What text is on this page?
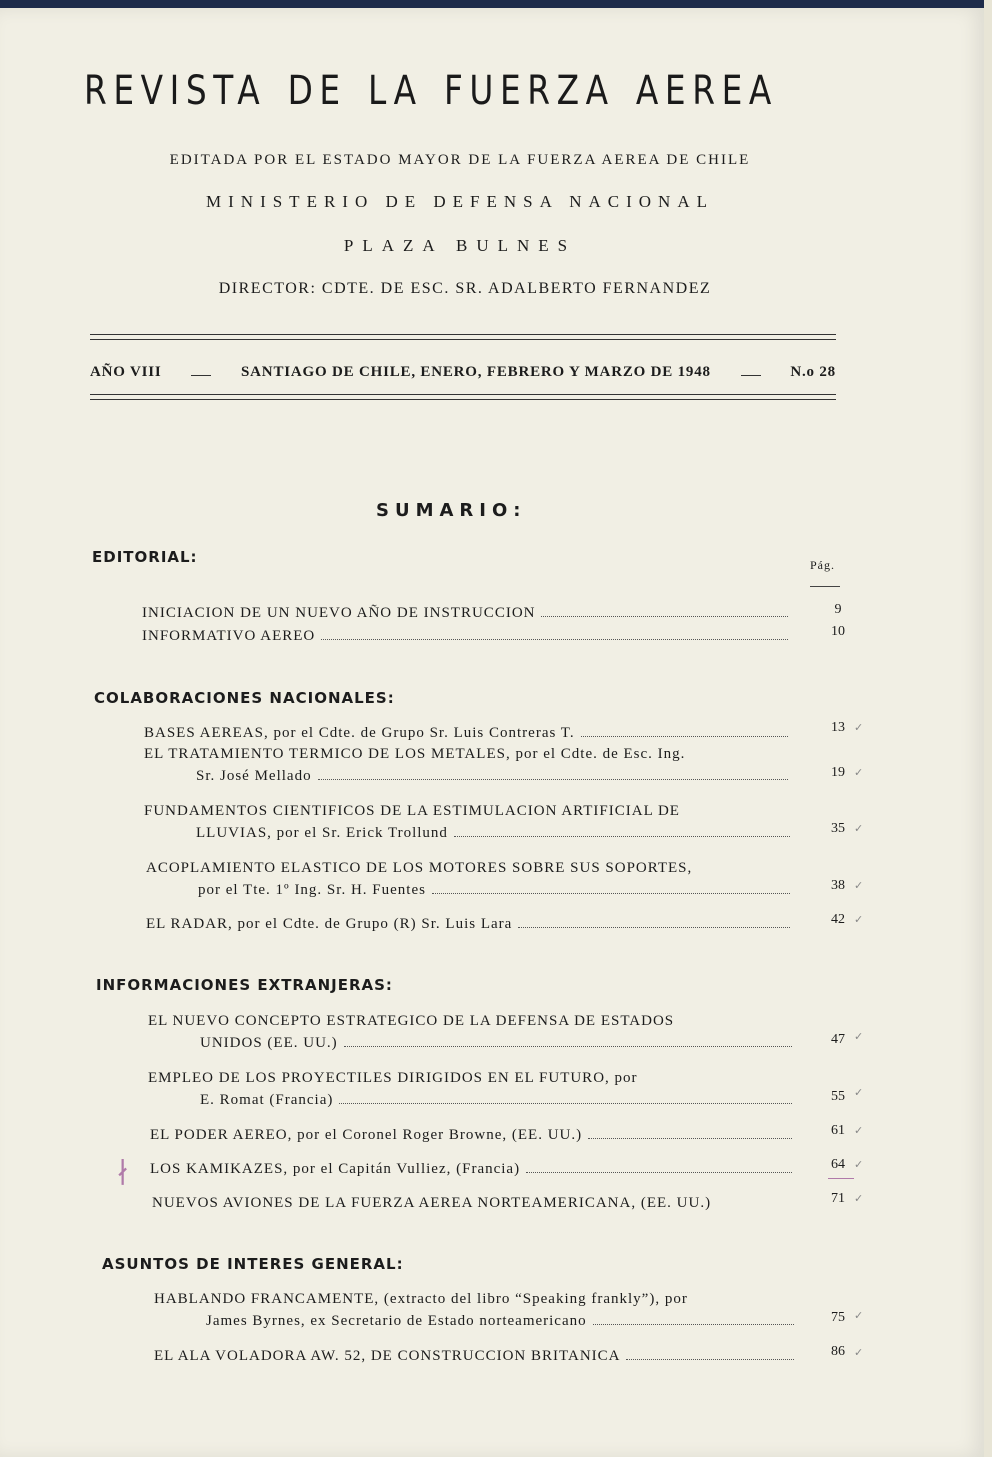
REVISTA DE LA FUERZA AEREA
EDITADA POR EL ESTADO MAYOR DE LA FUERZA AEREA DE CHILE
MINISTERIO DE DEFENSA NACIONAL
PLAZA BULNES
DIRECTOR: CDTE. DE ESC. SR. ADALBERTO FERNANDEZ
AÑO VIII	SANTIAGO DE CHILE, ENERO, FEBRERO Y MARZO DE 1948	N.o 28
SUMARIO:
Pág.
EDITORIAL:
INICIACION DE UN NUEVO AÑO DE INSTRUCCION	9
INFORMATIVO AEREO	10
COLABORACIONES NACIONALES:
BASES AEREAS, por el Cdte. de Grupo Sr. Luis Contreras T.	13 ✓
EL TRATAMIENTO TERMICO DE LOS METALES, por el Cdte. de Esc. Ing.
Sr. José Mellado	19 ✓
FUNDAMENTOS CIENTIFICOS DE LA ESTIMULACION ARTIFICIAL DE
LLUVIAS, por el Sr. Erick Trollund	35 ✓
ACOPLAMIENTO ELASTICO DE LOS MOTORES SOBRE SUS SOPORTES,
por el Tte. 1º Ing. Sr. H. Fuentes	38 ✓
EL RADAR, por el Cdte. de Grupo (R) Sr. Luis Lara	42 ✓
INFORMACIONES EXTRANJERAS:
EL NUEVO CONCEPTO ESTRATEGICO DE LA DEFENSA DE ESTADOS
UNIDOS (EE. UU.)	47 ✓
EMPLEO DE LOS PROYECTILES DIRIGIDOS EN EL FUTURO, por
E. Romat (Francia)	55 ✓
EL PODER AEREO, por el Coronel Roger Browne, (EE. UU.)	61 ✓
∤ LOS KAMIKAZES, por el Capitán Vulliez, (Francia)	64 ✓
NUEVOS AVIONES DE LA FUERZA AEREA NORTEAMERICANA, (EE. UU.)	71 ✓
ASUNTOS DE INTERES GENERAL:
HABLANDO FRANCAMENTE, (extracto del libro “Speaking frankly”), por
James Byrnes, ex Secretario de Estado norteamericano	75 ✓
EL ALA VOLADORA AW. 52, DE CONSTRUCCION BRITANICA	86 ✓
